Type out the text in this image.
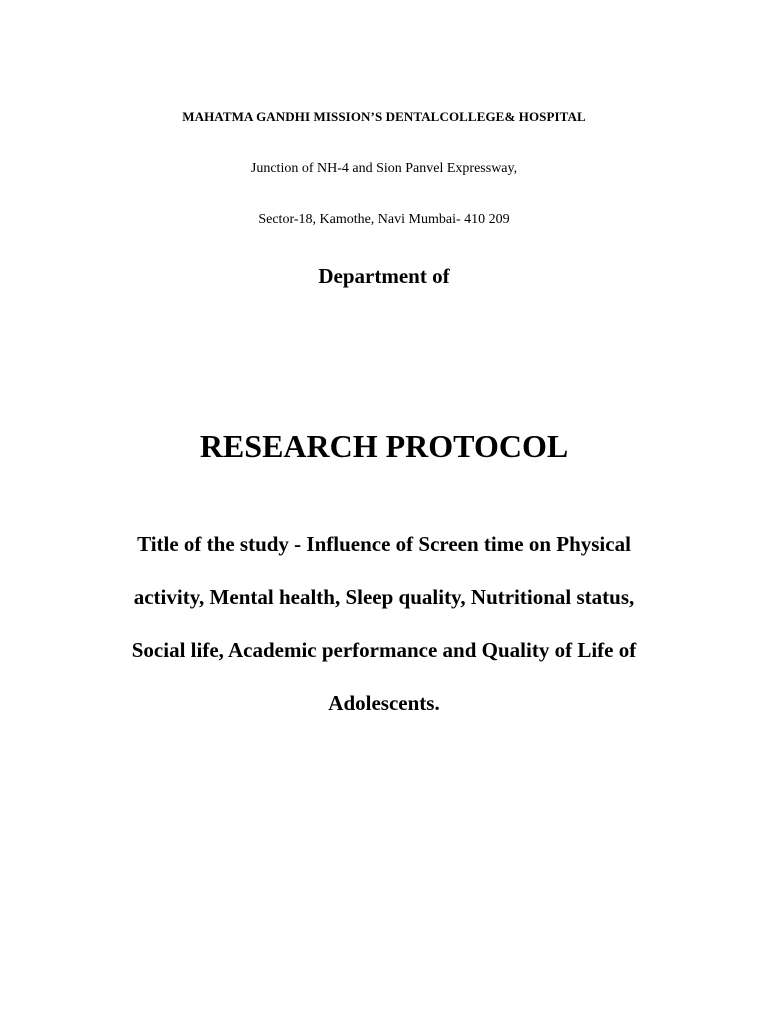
MAHATMA GANDHI MISSION’S DENTALCOLLEGE& HOSPITAL
Junction of NH-4 and Sion Panvel Expressway,
Sector-18, Kamothe, Navi Mumbai- 410 209
Department of
RESEARCH PROTOCOL
Title of the study - Influence of Screen time on Physical
activity, Mental health, Sleep quality, Nutritional status,
Social life, Academic performance and Quality of Life of
Adolescents.
